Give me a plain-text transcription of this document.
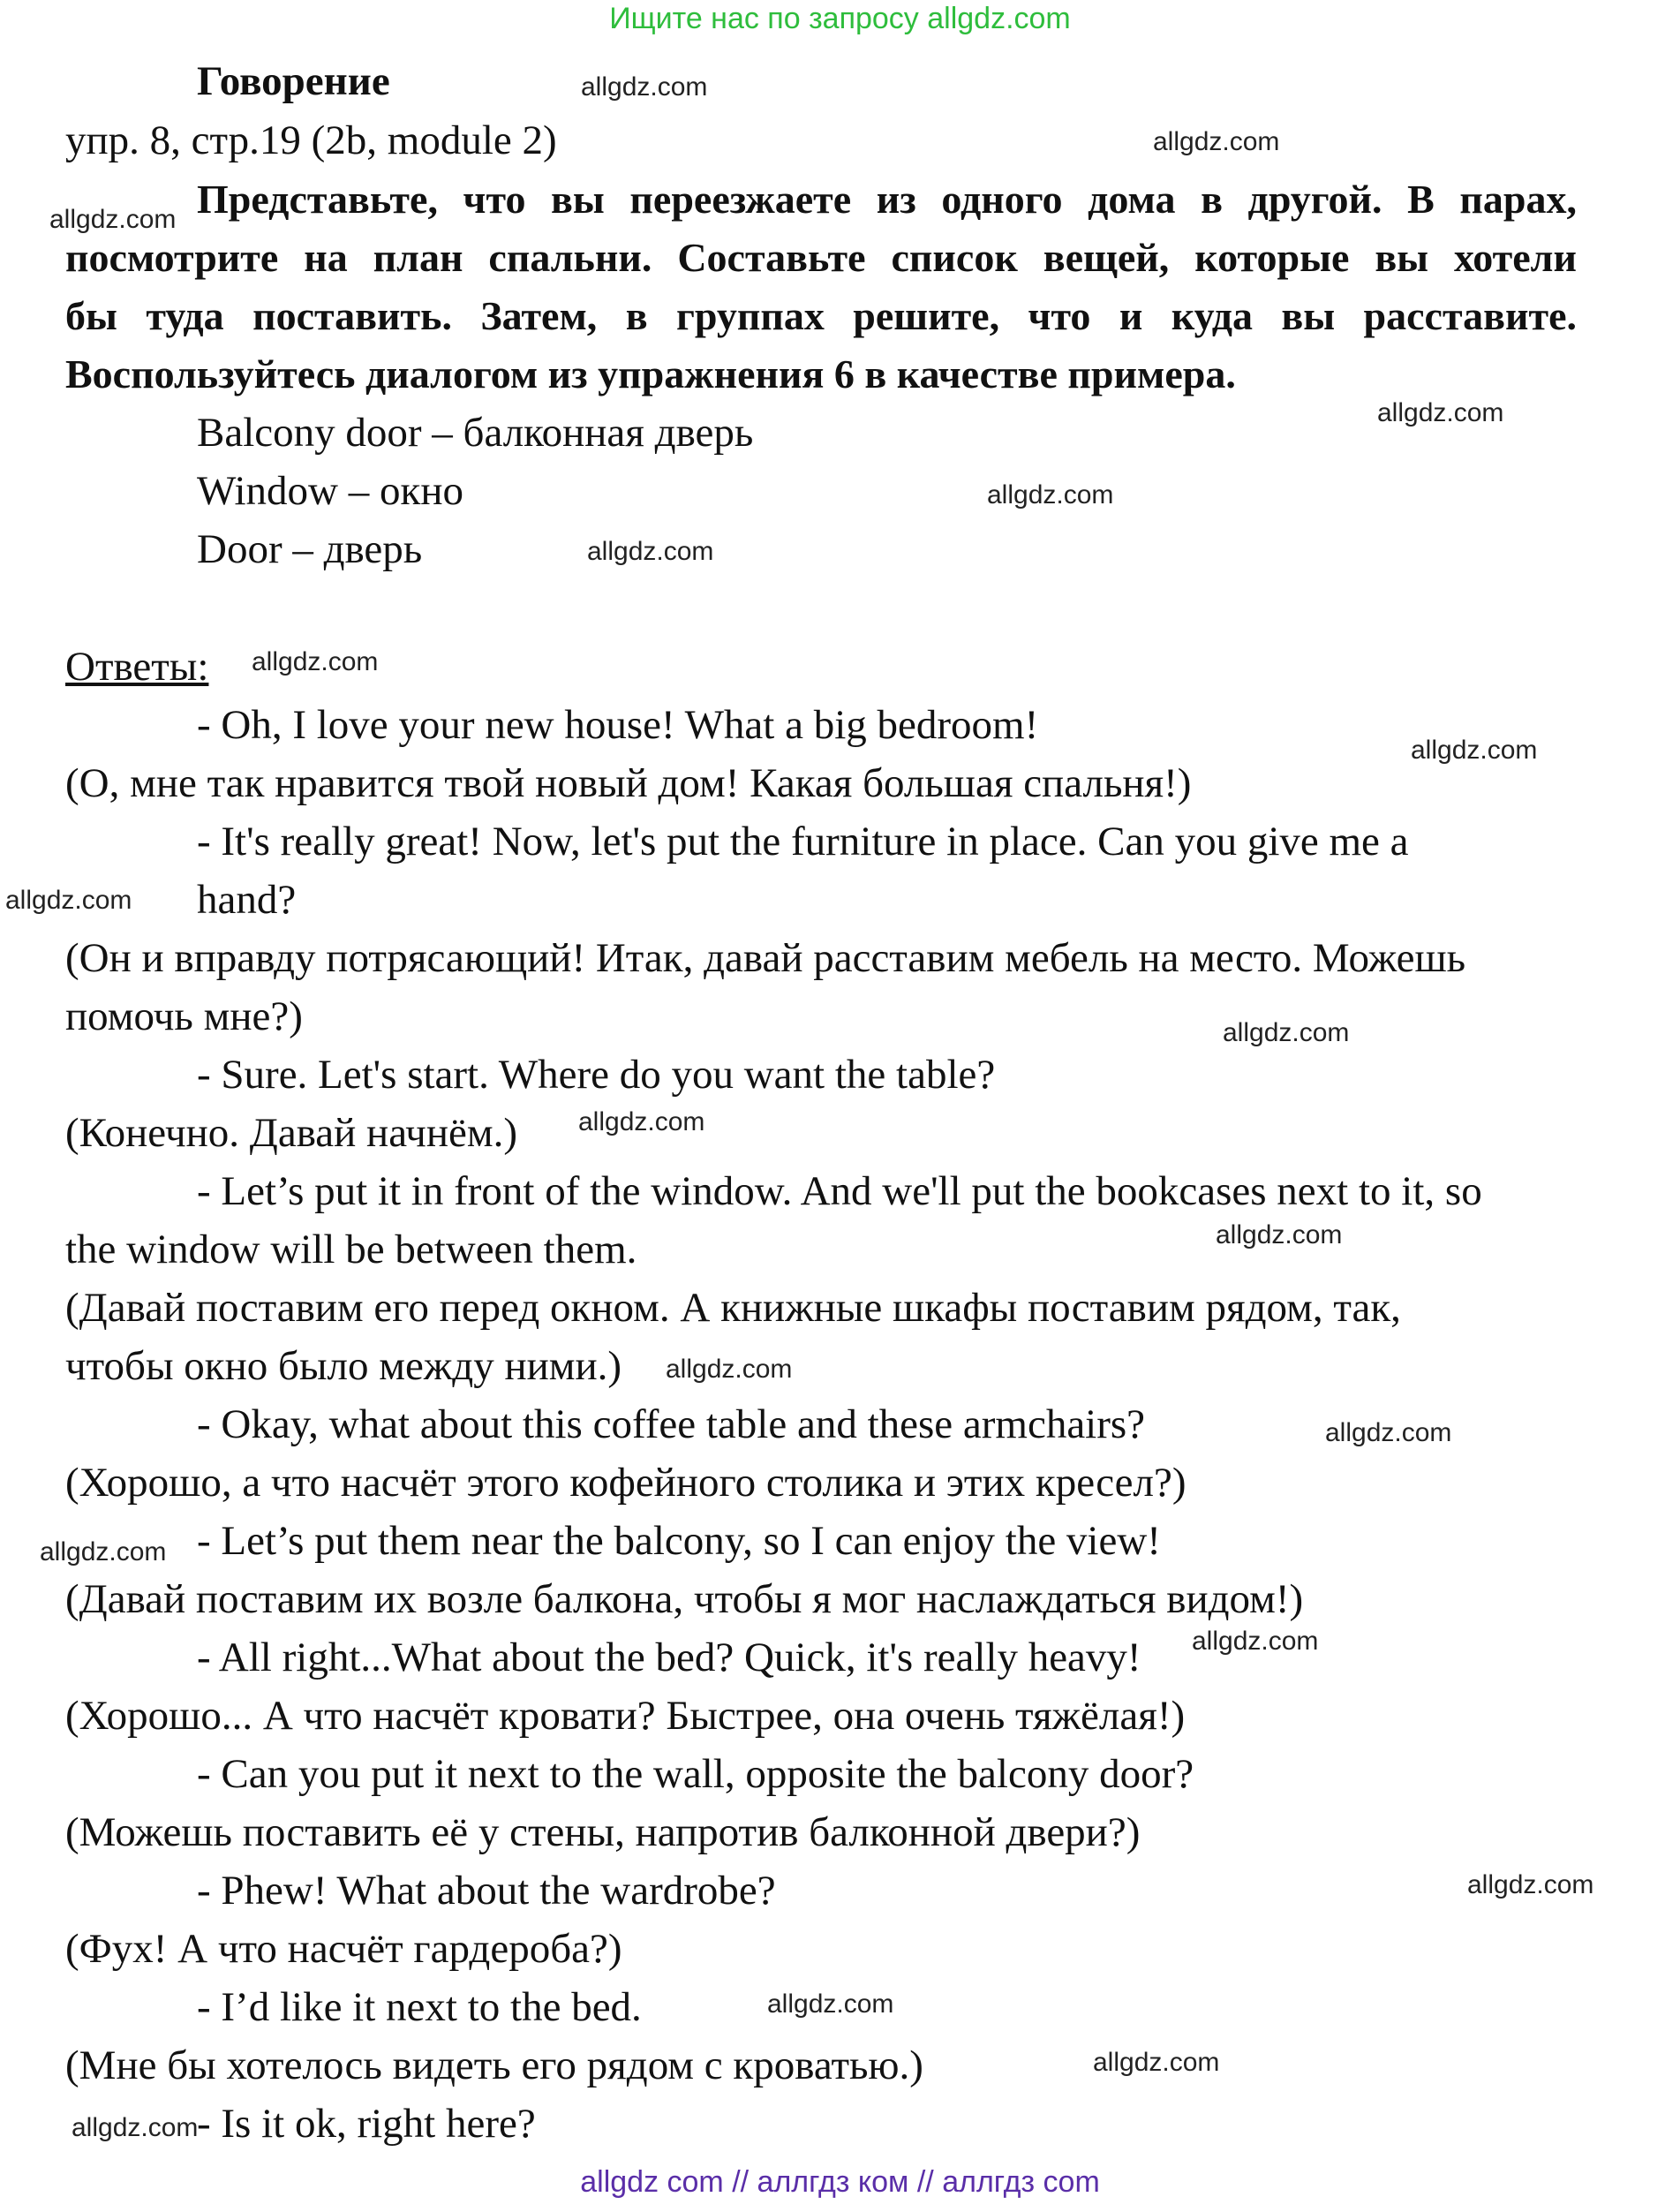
Ищите нас по запросу allgdz.com
Говорение
упр. 8, стр.19 (2b, module 2)
Представьте, что вы переезжаете из одного дома в другой. В парах,
посмотрите на план спальни. Составьте список вещей, которые вы хотели
бы туда поставить. Затем, в группах решите, что и куда вы расставите.
Воспользуйтесь диалогом из упражнения 6 в качестве примера.
Balcony door – балконная дверь
Window – окно
Door – дверь
Ответы:
- Oh, I love your new house! What a big bedroom!
(О, мне так нравится твой новый дом! Какая большая спальня!)
- It's really great! Now, let's put the furniture in place. Can you give me a
hand?
(Он и вправду потрясающий! Итак, давай расставим мебель на место. Можешь
помочь мне?)
- Sure. Let's start. Where do you want the table?
(Конечно. Давай начнём.)
- Let’s put it in front of the window. And we'll put the bookcases next to it, so
the window will be between them.
(Давай поставим его перед окном. А книжные шкафы поставим рядом, так,
чтобы окно было между ними.)
- Okay, what about this coffee table and these armchairs?
(Хорошо, а что насчёт этого кофейного столика и этих кресел?)
- Let’s put them near the balcony, so I can enjoy the view!
(Давай поставим их возле балкона, чтобы я мог наслаждаться видом!)
- All right...What about the bed? Quick, it's really heavy!
(Хорошо... А что насчёт кровати? Быстрее, она очень тяжёлая!)
- Can you put it next to the wall, opposite the balcony door?
(Можешь поставить её у стены, напротив балконной двери?)
- Phew! What about the wardrobe?
(Фух! А что насчёт гардероба?)
- I’d like it next to the bed.
(Мне бы хотелось видеть его рядом с кроватью.)
- Is it ok, right here?
allgdz.com
allgdz.com
allgdz.com
allgdz.com
allgdz.com
allgdz.com
allgdz.com
allgdz.com
allgdz.com
allgdz.com
allgdz.com
allgdz.com
allgdz.com
allgdz.com
allgdz.com
allgdz.com
allgdz.com
allgdz.com
allgdz.com
allgdz.com
allgdz com // аллгдз ком // аллгдз com
